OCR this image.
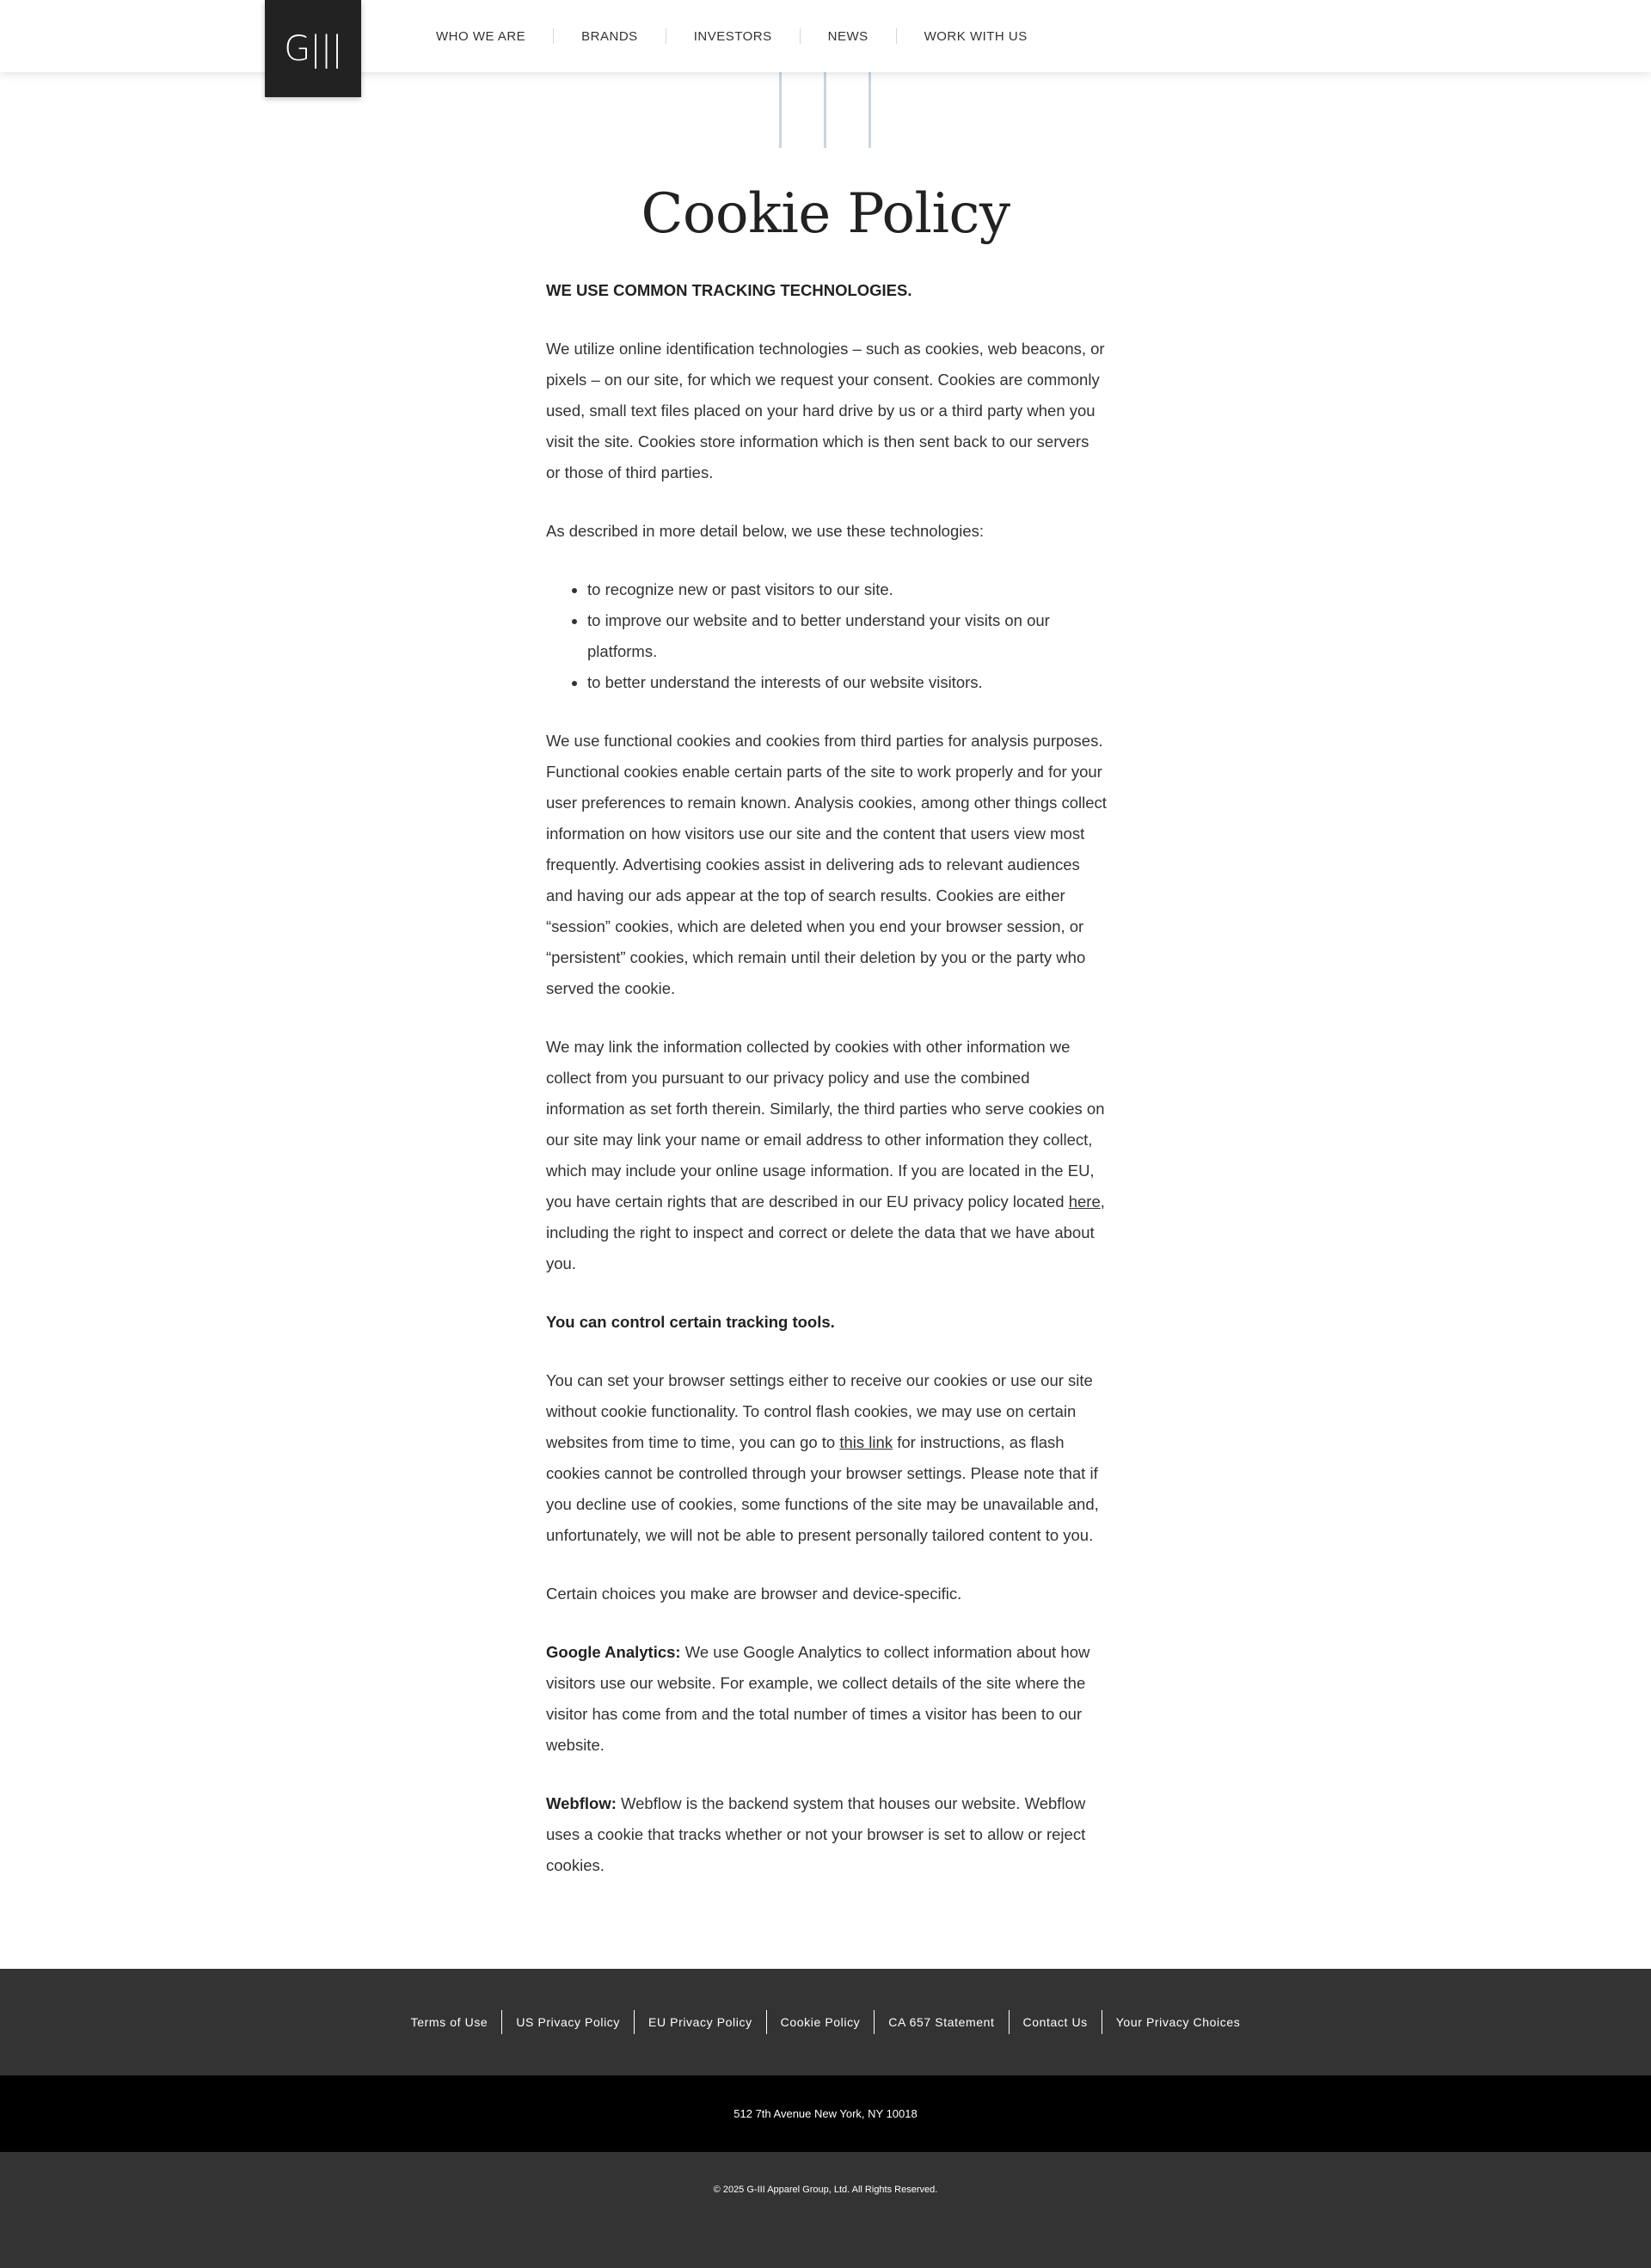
WHO WE ARE	BRANDS	INVESTORS	NEWS	WORK WITH US
G|||
Cookie Policy

WE USE COMMON TRACKING TECHNOLOGIES.

We utilize online identification technologies – such as cookies, web beacons, or pixels – on our site, for which we request your consent. Cookies are commonly used, small text files placed on your hard drive by us or a third party when you visit the site. Cookies store information which is then sent back to our servers or those of third parties.

As described in more detail below, we use these technologies:

• to recognize new or past visitors to our site.
• to improve our website and to better understand your visits on our platforms.
• to better understand the interests of our website visitors.

We use functional cookies and cookies from third parties for analysis purposes. Functional cookies enable certain parts of the site to work properly and for your user preferences to remain known. Analysis cookies, among other things collect information on how visitors use our site and the content that users view most frequently. Advertising cookies assist in delivering ads to relevant audiences and having our ads appear at the top of search results. Cookies are either “session” cookies, which are deleted when you end your browser session, or “persistent” cookies, which remain until their deletion by you or the party who served the cookie.

We may link the information collected by cookies with other information we collect from you pursuant to our privacy policy and use the combined information as set forth therein. Similarly, the third parties who serve cookies on our site may link your name or email address to other information they collect, which may include your online usage information. If you are located in the EU, you have certain rights that are described in our EU privacy policy located here, including the right to inspect and correct or delete the data that we have about you.

You can control certain tracking tools.

You can set your browser settings either to receive our cookies or use our site without cookie functionality. To control flash cookies, we may use on certain websites from time to time, you can go to this link for instructions, as flash cookies cannot be controlled through your browser settings. Please note that if you decline use of cookies, some functions of the site may be unavailable and, unfortunately, we will not be able to present personally tailored content to you.

Certain choices you make are browser and device-specific.

Google Analytics: We use Google Analytics to collect information about how visitors use our website. For example, we collect details of the site where the visitor has come from and the total number of times a visitor has been to our website.

Webflow: Webflow is the backend system that houses our website. Webflow uses a cookie that tracks whether or not your browser is set to allow or reject cookies.

Terms of Use	US Privacy Policy	EU Privacy Policy	Cookie Policy	CA 657 Statement	Contact Us	Your Privacy Choices
512 7th Avenue New York, NY 10018
© 2025 G-III Apparel Group, Ltd. All Rights Reserved.
